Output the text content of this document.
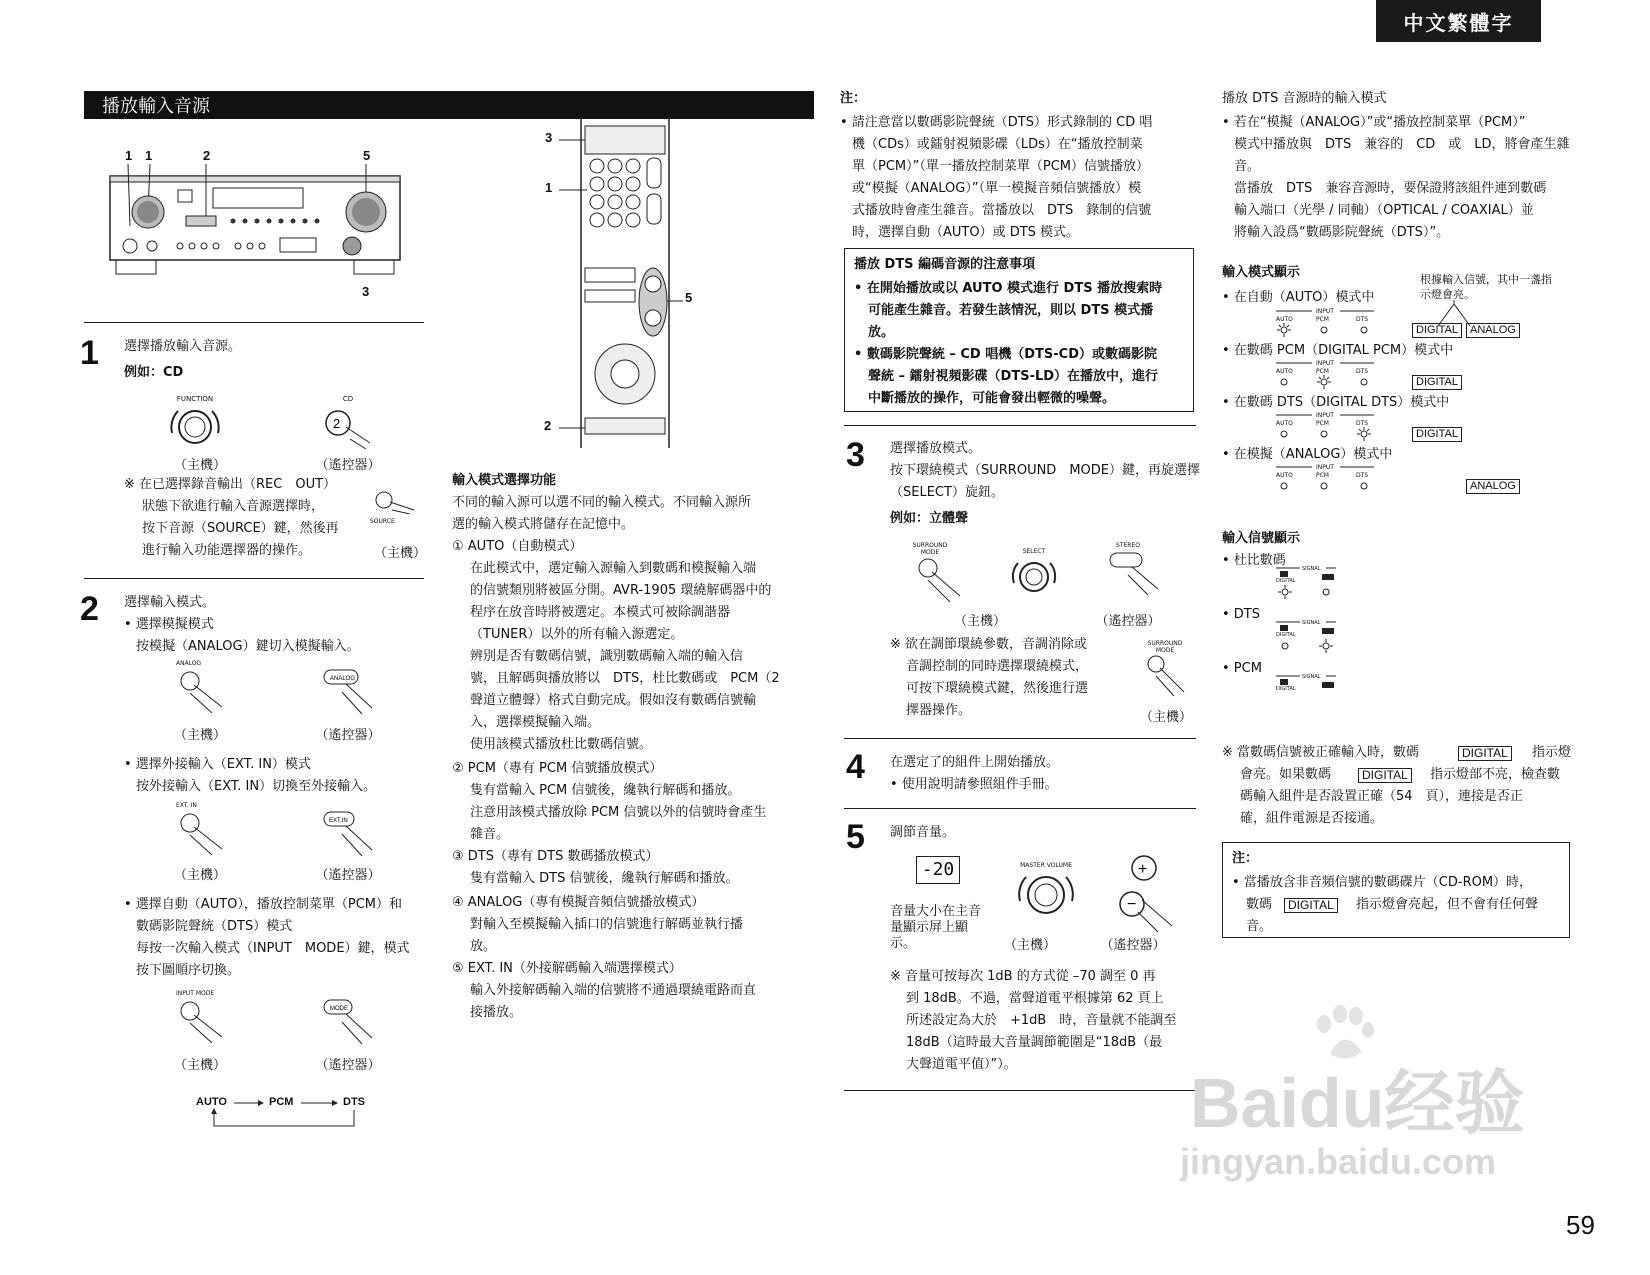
中文繁體字
播放輸入音源
1 1	2	5
3
3
1
5
2
1 選擇播放輸入音源。
例如：CD
FUNCTION	CD
2
（主機）	（遙控器）
※ 在已選擇錄音輸出（REC　OUT）
狀態下欲進行輸入音源選擇時，
按下音源（SOURCE）鍵，然後再
進行輸入功能選擇器的操作。
SOURCE
（主機）
2 選擇輸入模式。
• 選擇模擬模式
按模擬（ANALOG）鍵切入模擬輸入。
ANALOG
ANALOG
（主機）	（遙控器）
• 選擇外接輸入（EXT. IN）模式
按外接輸入（EXT. IN）切換至外接輸入。
EXT. IN
EXT.IN
（主機）	（遙控器）
• 選擇自動（AUTO），播放控制菜單（PCM）和
數碼影院聲統（DTS）模式
每按一次輸入模式（INPUT　MODE）鍵，模式
按下圖順序切換。
INPUT MODE
MODE
（主機）	（遙控器）
AUTO	PCM	DTS
輸入模式選擇功能
不同的輸入源可以選不同的輸入模式。不同輸入源所
選的輸入模式將儲存在記憶中。
① AUTO（自動模式）
在此模式中，選定輸入源輸入到數碼和模擬輸入端
的信號類別將被區分開。AVR-1905 環繞解碼器中的
程序在放音時將被選定。本模式可被除調諧器
（TUNER）以外的所有輸入源選定。
辨別是否有數碼信號，識別數碼輸入端的輸入信
號，且解碼與播放將以　DTS，杜比數碼或　PCM（2
聲道立體聲）格式自動完成。假如沒有數碼信號輸
入，選擇模擬輸入端。
使用該模式播放杜比數碼信號。
② PCM（專有 PCM 信號播放模式）
隻有當輸入 PCM 信號後，纔執行解碼和播放。
注意用該模式播放除 PCM 信號以外的信號時會產生
雜音。
③ DTS（專有 DTS 數碼播放模式）
隻有當輸入 DTS 信號後，纔執行解碼和播放。
④ ANALOG（專有模擬音頻信號播放模式）
對輸入至模擬輸入插口的信號進行解碼並執行播
放。
⑤ EXT. IN（外接解碼輸入端選擇模式）
輸入外接解碼輸入端的信號將不通過環繞電路而直
接播放。
注：
• 請注意當以數碼影院聲統（DTS）形式錄制的 CD 唱
機（CDs）或鐳射視頻影碟（LDs）在“播放控制菜
單（PCM）”（單一播放控制菜單（PCM）信號播放）
或“模擬（ANALOG）”（單一模擬音頻信號播放）模
式播放時會產生雜音。當播放以　DTS　錄制的信號
時，選擇自動（AUTO）或 DTS 模式。
播放 DTS 編碼音源的注意事項
• 在開始播放或以 AUTO 模式進行 DTS 播放搜索時
可能產生雜音。若發生該情況，則以 DTS 模式播
放。
• 數碼影院聲統 – CD 唱機（DTS-CD）或數碼影院
聲統 – 鐳射視頻影碟（DTS-LD）在播放中，進行
中斷播放的操作，可能會發出輕微的噪聲。
3 選擇播放模式。
按下環繞模式（SURROUND　MODE）鍵，再旋選擇
（SELECT）旋鈕。
例如：立體聲
SURROUND MODE	SELECT
STEREO
（主機）	（遙控器）
※ 欲在調節環繞參數，音調消除或
音調控制的同時選擇環繞模式，
可按下環繞模式鍵，然後進行選
擇器操作。
SURROUND MODE
（主機）
4 在選定了的組件上開始播放。
• 使用說明請參照組件手冊。
5 調節音量。
-20
音量大小在主音
量顯示屏上顯
示。
MASTER VOLUME	+
−
（主機）	（遙控器）
※ 音量可按每次 1dB 的方式從 –70 調至 0 再
到 18dB。不過，當聲道電平根據第 62 頁上
所述設定為大於　+1dB　時，音量就不能調至
18dB（這時最大音量調節範圍是“18dB（最
大聲道電平值）”）。
播放 DTS 音源時的輸入模式
• 若在“模擬（ANALOG）”或“播放控制菜單（PCM）”
模式中播放與　DTS　兼容的　CD　或　LD，將會產生雜
音。
當播放　DTS　兼容音源時，要保證將該組件連到數碼
輸入端口（光學 / 同軸）（OPTICAL / COAXIAL）並
將輸入設爲“數碼影院聲統（DTS）”。
輸入模式顯示	根據輸入信號，其中一盞指
示燈會亮。
• 在自動（AUTO）模式中
INPUT
AUTO	PCM	DTS
DIGITAL	ANALOG
• 在數碼 PCM（DIGITAL PCM）模式中
INPUT
AUTO	PCM	DTS
DIGITAL
• 在數碼 DTS（DIGITAL DTS）模式中
INPUT
AUTO	PCM	DTS
DIGITAL
• 在模擬（ANALOG）模式中
INPUT
AUTO	PCM	DTS
ANALOG
輸入信號顯示
• 杜比數碼
• DTS
• PCM
SIGNAL
DIGITAL
SIGNAL
DIGITAL
SIGNAL
DIGITAL
※ 當數碼信號被正確輸入時，數碼	DIGITAL	指示燈
會亮。如果數碼	DIGITAL	指示燈部不亮，檢查數
碼輸入組件是否設置正確（54　頁），連接是否正
確，組件電源是否接通。
注：
• 當播放含非音頻信號的數碼碟片（CD-ROM）時，
數碼	DIGITAL	指示燈會亮起，但不會有任何聲
音。
Baidu经验
jingyan.baidu.com
59
